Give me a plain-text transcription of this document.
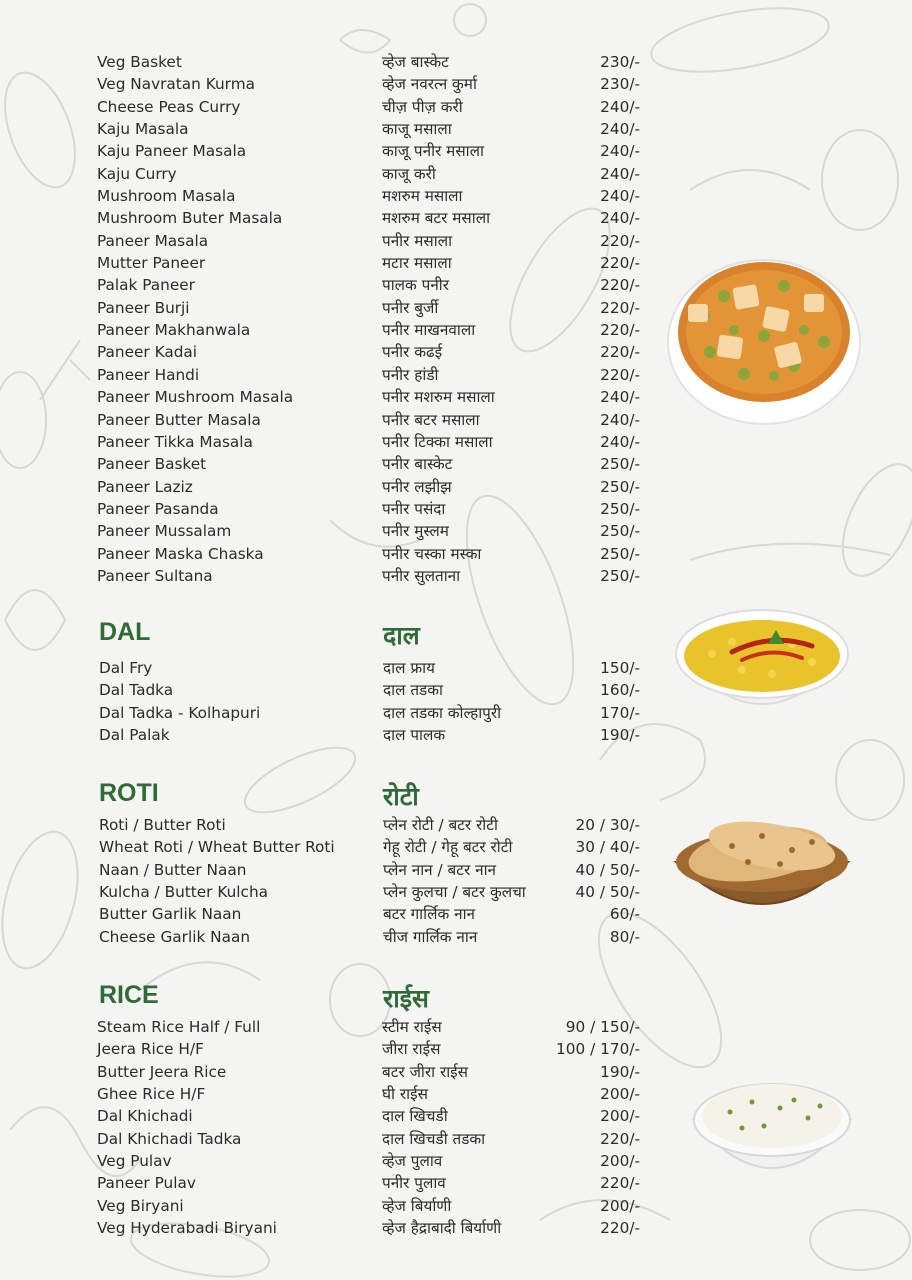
Veg Basket	व्हेज बास्केट	230/-
Veg Navratan Kurma	व्हेज नवरत्न कुर्मा	230/-
Cheese Peas Curry	चीज़ पीज़ करी	240/-
Kaju Masala	काजू मसाला	240/-
Kaju Paneer Masala	काजू पनीर मसाला	240/-
Kaju Curry	काजू करी	240/-
Mushroom Masala	मशरुम मसाला	240/-
Mushroom Buter Masala	मशरुम बटर मसाला	240/-
Paneer Masala	पनीर मसाला	220/-
Mutter Paneer	मटार मसाला	220/-
Palak Paneer	पालक पनीर	220/-
Paneer Burji	पनीर बुर्जी	220/-
Paneer Makhanwala	पनीर माखनवाला	220/-
Paneer Kadai	पनीर कढई	220/-
Paneer Handi	पनीर हांडी	220/-
Paneer Mushroom Masala	पनीर मशरुम मसाला	240/-
Paneer Butter Masala	पनीर बटर मसाला	240/-
Paneer Tikka Masala	पनीर टिक्का मसाला	240/-
Paneer Basket	पनीर बास्केट	250/-
Paneer Laziz	पनीर लझीझ	250/-
Paneer Pasanda	पनीर पसंदा	250/-
Paneer Mussalam	पनीर मुस्लम	250/-
Paneer Maska Chaska	पनीर चस्का मस्का	250/-
Paneer Sultana	पनीर सुलताना	250/-
DAL	दाल
Dal Fry	दाल फ्राय	150/-
Dal Tadka	दाल तडका	160/-
Dal Tadka - Kolhapuri	दाल तडका कोल्हापुरी	170/-
Dal Palak	दाल पालक	190/-
ROTI	रोटी
Roti / Butter Roti	प्लेन रोटी / बटर रोटी	20 / 30/-
Wheat Roti / Wheat Butter Roti	गेहू रोटी / गेहू बटर रोटी	30 / 40/-
Naan / Butter Naan	प्लेन नान / बटर नान	40 / 50/-
Kulcha / Butter Kulcha	प्लेन कुलचा / बटर कुलचा	40 / 50/-
Butter Garlik Naan	बटर गार्लिक नान	60/-
Cheese Garlik Naan	चीज गार्लिक नान	80/-
RICE	राईस
Steam Rice Half / Full	स्टीम राईस	90 / 150/-
Jeera Rice H/F	जीरा राईस	100 / 170/-
Butter Jeera Rice	बटर जीरा राईस	190/-
Ghee Rice H/F	घी राईस	200/-
Dal Khichadi	दाल खिचडी	200/-
Dal Khichadi Tadka	दाल खिचडी तडका	220/-
Veg Pulav	व्हेज पुलाव	200/-
Paneer Pulav	पनीर पुलाव	220/-
Veg Biryani	व्हेज बिर्याणी	200/-
Veg Hyderabadi Biryani	व्हेज हैद्राबादी बिर्याणी	220/-
